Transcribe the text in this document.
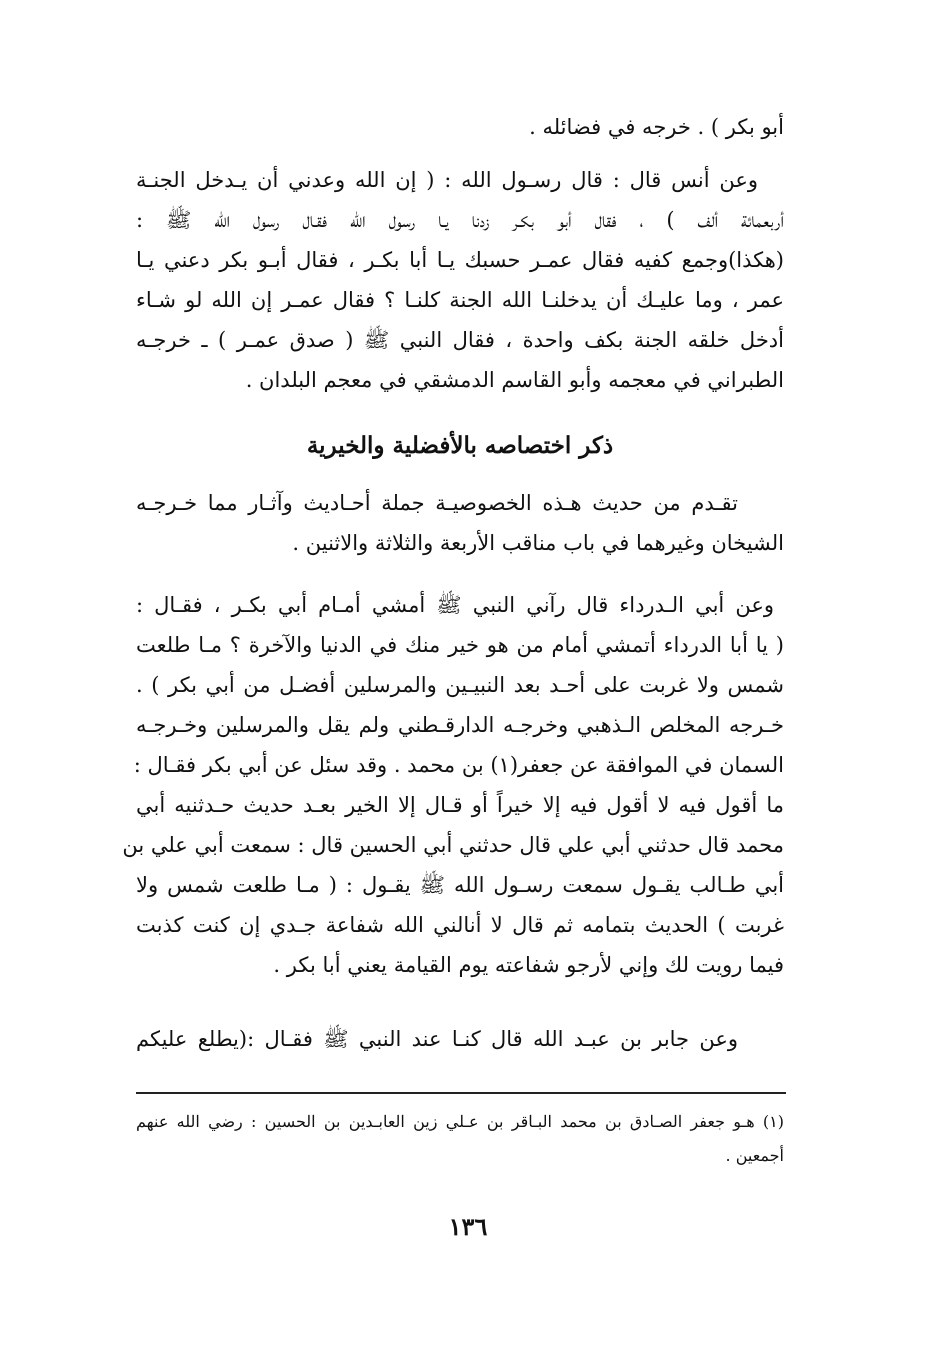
أبو بكر ) . خرجه في فضائله .
وعن أنس قال : قال رسـول الله : ( إن الله وعدني أن يـدخل الجنـة
أربعمائة ألف ) ، فقال أبو بكـر زدنا يـا رسول الله فقـال رسول الله ﷺ :
(هكذا)وجمع كفيه فقال عمـر حسبك يـا أبا بكـر ، فقال أبـو بكر دعني يـا
عمر ، وما عليـك أن يدخلنـا الله الجنة كلنـا ؟ فقال عمـر إن الله لو شـاء
أدخل خلقه الجنة بكف واحدة ، فقال النبي ﷺ ( صدق عمـر ) ـ خرجـه
الطبراني في معجمه وأبو القاسم الدمشقي في معجم البلدان .
ذكر اختصاصه بالأفضلية والخيرية
تقـدم من حديث هـذه الخصوصيـة جملة أحـاديث وآثـار مما خـرجـه
الشيخان وغيرهما في باب مناقب الأربعة والثلاثة والاثنين .
وعن أبي الـدرداء قال رآني النبي ﷺ أمشي أمـام أبي بكـر ، فقـال :
( يا أبا الدرداء أتمشي أمام من هو خير منك في الدنيا والآخرة ؟ مـا طلعت
شمس ولا غربت على أحـد بعد النبيـين والمرسلين أفضـل من أبي بكر ) .
خـرجه المخلص الـذهبي وخرجـه الدارقـطني ولم يقل والمرسلين وخـرجـه
السمان في الموافقة عن جعفر(١) بن محمد . وقد سئل عن أبي بكر فقـال :
ما أقول فيه لا أقول فيه إلا خيراً أو قـال إلا الخير بعـد حديث حـدثنيه أبي
محمد قال حدثني أبي علي قال حدثني أبي الحسين قال : سمعت أبي علي بن
أبي طـالب يقـول سمعت رسـول الله ﷺ يقـول : ( مـا طلعت شمس ولا
غربت ) الحديث بتمامه ثم قال لا أنالني الله شفاعة جـدي إن كنت كذبت
فيما رويت لك وإني لأرجو شفاعته يوم القيامة يعني أبا بكر .
وعن جابر بن عبـد الله قال كنـا عند النبي ﷺ فقـال :(يطلع عليكم
(١) هـو جعفر الصـادق بن محمد البـاقر بن عـلي زين العابـدين بن الحسين : رضي الله عنهم
أجمعين .
١٣٦
